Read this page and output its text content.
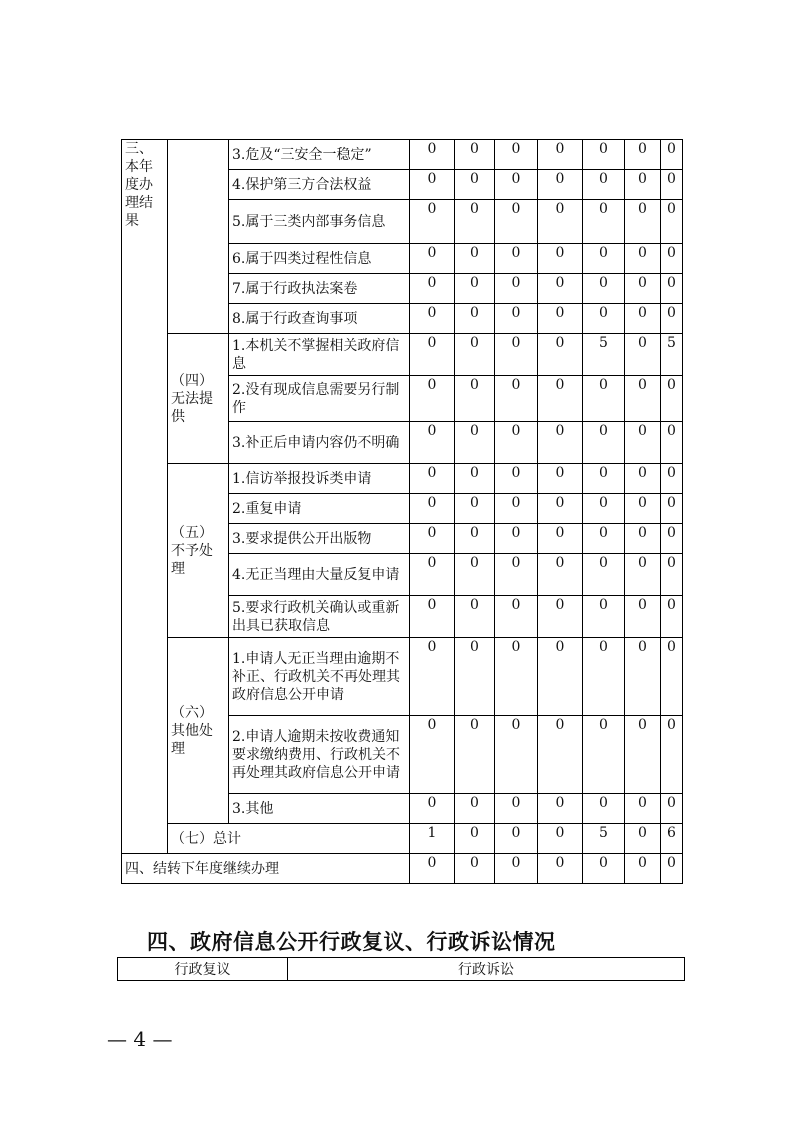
三、本年度办理结果		3.危及“三安全一稳定”	0	0	0	0	0	0	0
		4.保护第三方合法权益	0	0	0	0	0	0	0
		5.属于三类内部事务信息	0	0	0	0	0	0	0
		6.属于四类过程性信息	0	0	0	0	0	0	0
		7.属于行政执法案卷	0	0	0	0	0	0	0
		8.属于行政查询事项	0	0	0	0	0	0	0

	（四）无法提供	1.本机关不掌握相关政府信息	0	0	0	0	5	0	5
		2.没有现成信息需要另行制作	0	0	0	0	0	0	0
		3.补正后申请内容仍不明确	0	0	0	0	0	0	0

	（五）不予处理	1.信访举报投诉类申请	0	0	0	0	0	0	0
		2.重复申请	0	0	0	0	0	0	0
		3.要求提供公开出版物	0	0	0	0	0	0	0
		4.无正当理由大量反复申请	0	0	0	0	0	0	0
		5.要求行政机关确认或重新出具已获取信息	0	0	0	0	0	0	0

	（六）其他处理	1.申请人无正当理由逾期不补正、行政机关不再处理其政府信息公开申请	0	0	0	0	0	0	0
		2.申请人逾期未按收费通知要求缴纳费用、行政机关不再处理其政府信息公开申请	0	0	0	0	0	0	0
		3.其他	0	0	0	0	0	0	0
	（七）总计		1	0	0	0	5	0	6
四、结转下年度继续办理			0	0	0	0	0	0	0
四、政府信息公开行政复议、行政诉讼情况
行政复议	行政诉讼
— 4 —
